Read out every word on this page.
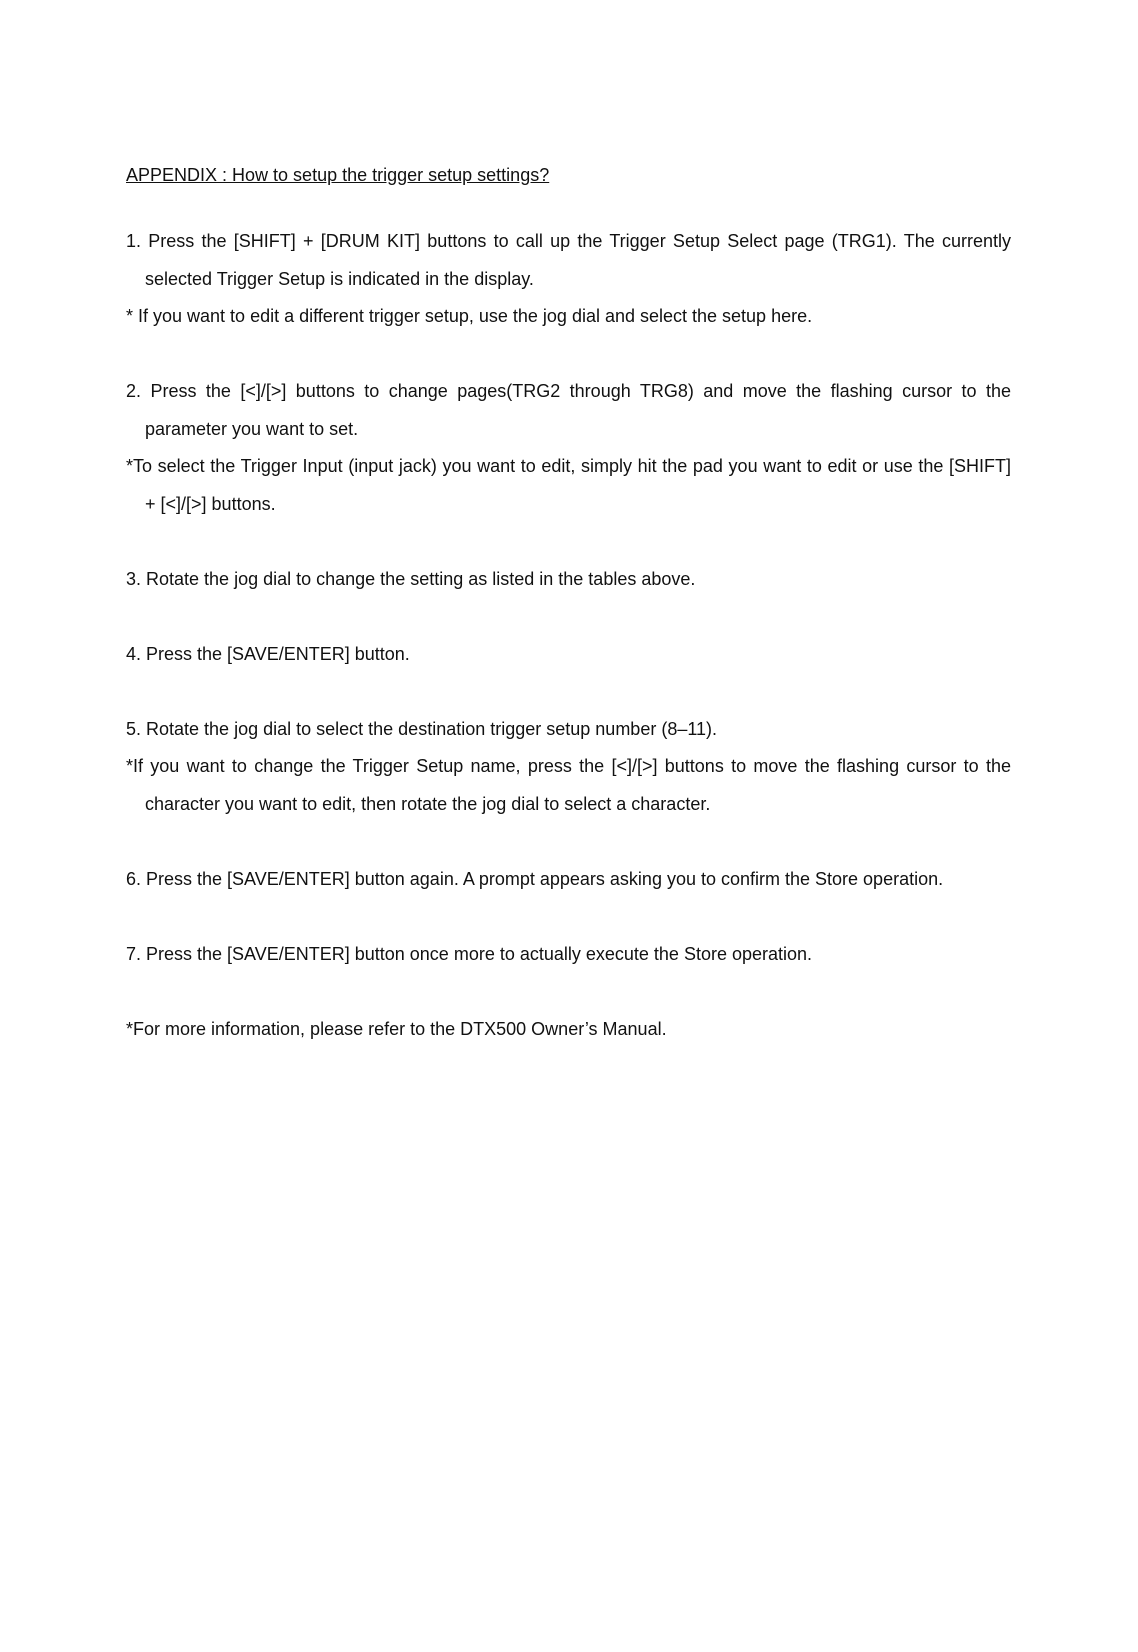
APPENDIX : How to setup the trigger setup settings?

1. Press the [SHIFT] + [DRUM KIT] buttons to call up the Trigger Setup Select page (TRG1). The currently selected Trigger Setup is indicated in the display.

* If you want to edit a different trigger setup, use the jog dial and select the setup here.

2. Press the [<]/[>] buttons to change pages(TRG2 through TRG8) and move the flashing cursor to the parameter you want to set.

*To select the Trigger Input (input jack) you want to edit, simply hit the pad you want to edit or use the [SHIFT] + [<]/[>] buttons.

3. Rotate the jog dial to change the setting as listed in the tables above.

4. Press the [SAVE/ENTER] button.

5. Rotate the jog dial to select the destination trigger setup number (8–11).

*If you want to change the Trigger Setup name, press the [<]/[>] buttons to move the flashing cursor to the character you want to edit, then rotate the jog dial to select a character.

6. Press the [SAVE/ENTER] button again. A prompt appears asking you to confirm the Store operation.

7. Press the [SAVE/ENTER] button once more to actually execute the Store operation.

*For more information, please refer to the DTX500 Owner’s Manual.
